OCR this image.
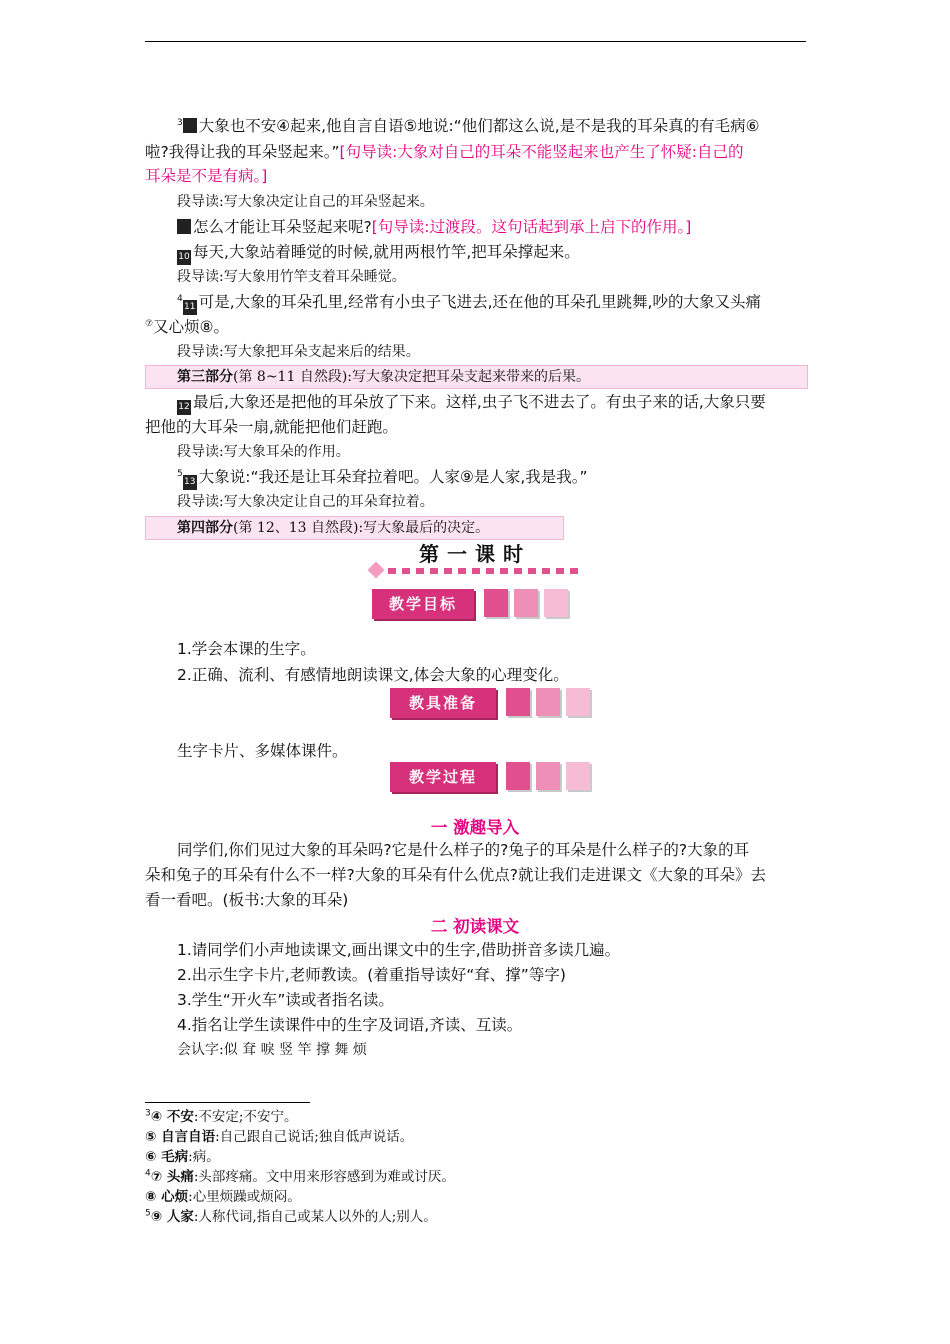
$^3$ 大象也不安④起来,他自言自语⑤地说:“他们都这么说,是不是我的耳朵真的有毛病⑥
啦?我得让我的耳朵竖起来。”[句导读:大象对自己的耳朵不能竖起来也产生了怀疑:自己的
耳朵是不是有病。]
段导读:写大象决定让自己的耳朵竖起来。
怎么才能让耳朵竖起来呢?[句导读:过渡段。这句话起到承上启下的作用。]
10 每天,大象站着睡觉的时候,就用两根竹竿,把耳朵撑起来。
段导读:写大象用竹竿支着耳朵睡觉。
$^4$11 可是,大象的耳朵孔里,经常有小虫子飞进去,还在他的耳朵孔里跳舞,吵的大象又头痛
⑦又心烦⑧。
段导读:写大象把耳朵支起来后的结果。
第三部分(第 8~11 自然段):写大象决定把耳朵支起来带来的后果。
12 最后,大象还是把他的耳朵放了下来。这样,虫子飞不进去了。有虫子来的话,大象只要
把他的大耳朵一扇,就能把他们赶跑。
段导读:写大象耳朵的作用。
$^5$13 大象说:“我还是让耳朵耷拉着吧。人家⑨是人家,我是我。”
段导读:写大象决定让自己的耳朵耷拉着。
第四部分(第 12、13 自然段):写大象最后的决定。
第一课时
教学目标
1.学会本课的生字。
2.正确、流利、有感情地朗读课文,体会大象的心理变化。
教具准备
生字卡片、多媒体课件。
教学过程
一 激趣导入
同学们,你们见过大象的耳朵吗?它是什么样子的?兔子的耳朵是什么样子的?大象的耳
朵和兔子的耳朵有什么不一样?大象的耳朵有什么优点?就让我们走进课文《大象的耳朵》去
看一看吧。(板书:大象的耳朵)
二 初读课文
1.请同学们小声地读课文,画出课文中的生字,借助拼音多读几遍。
2.出示生字卡片,老师教读。(着重指导读好“耷、撑”等字)
3.学生“开火车”读或者指名读。
4.指名让学生读课件中的生字及词语,齐读、互读。
会认字:似 耷 唳 竖 竿 撑 舞 烦
$^3$④ 不安:不安定;不安宁。
⑤ 自言自语:自己跟自己说话;独自低声说话。
⑥ 毛病:病。
$^4$⑦ 头痛:头部疼痛。文中用来形容感到为难或讨厌。
⑧ 心烦:心里烦躁或烦闷。
$^5$⑨ 人家:人称代词,指自己或某人以外的人;别人。
